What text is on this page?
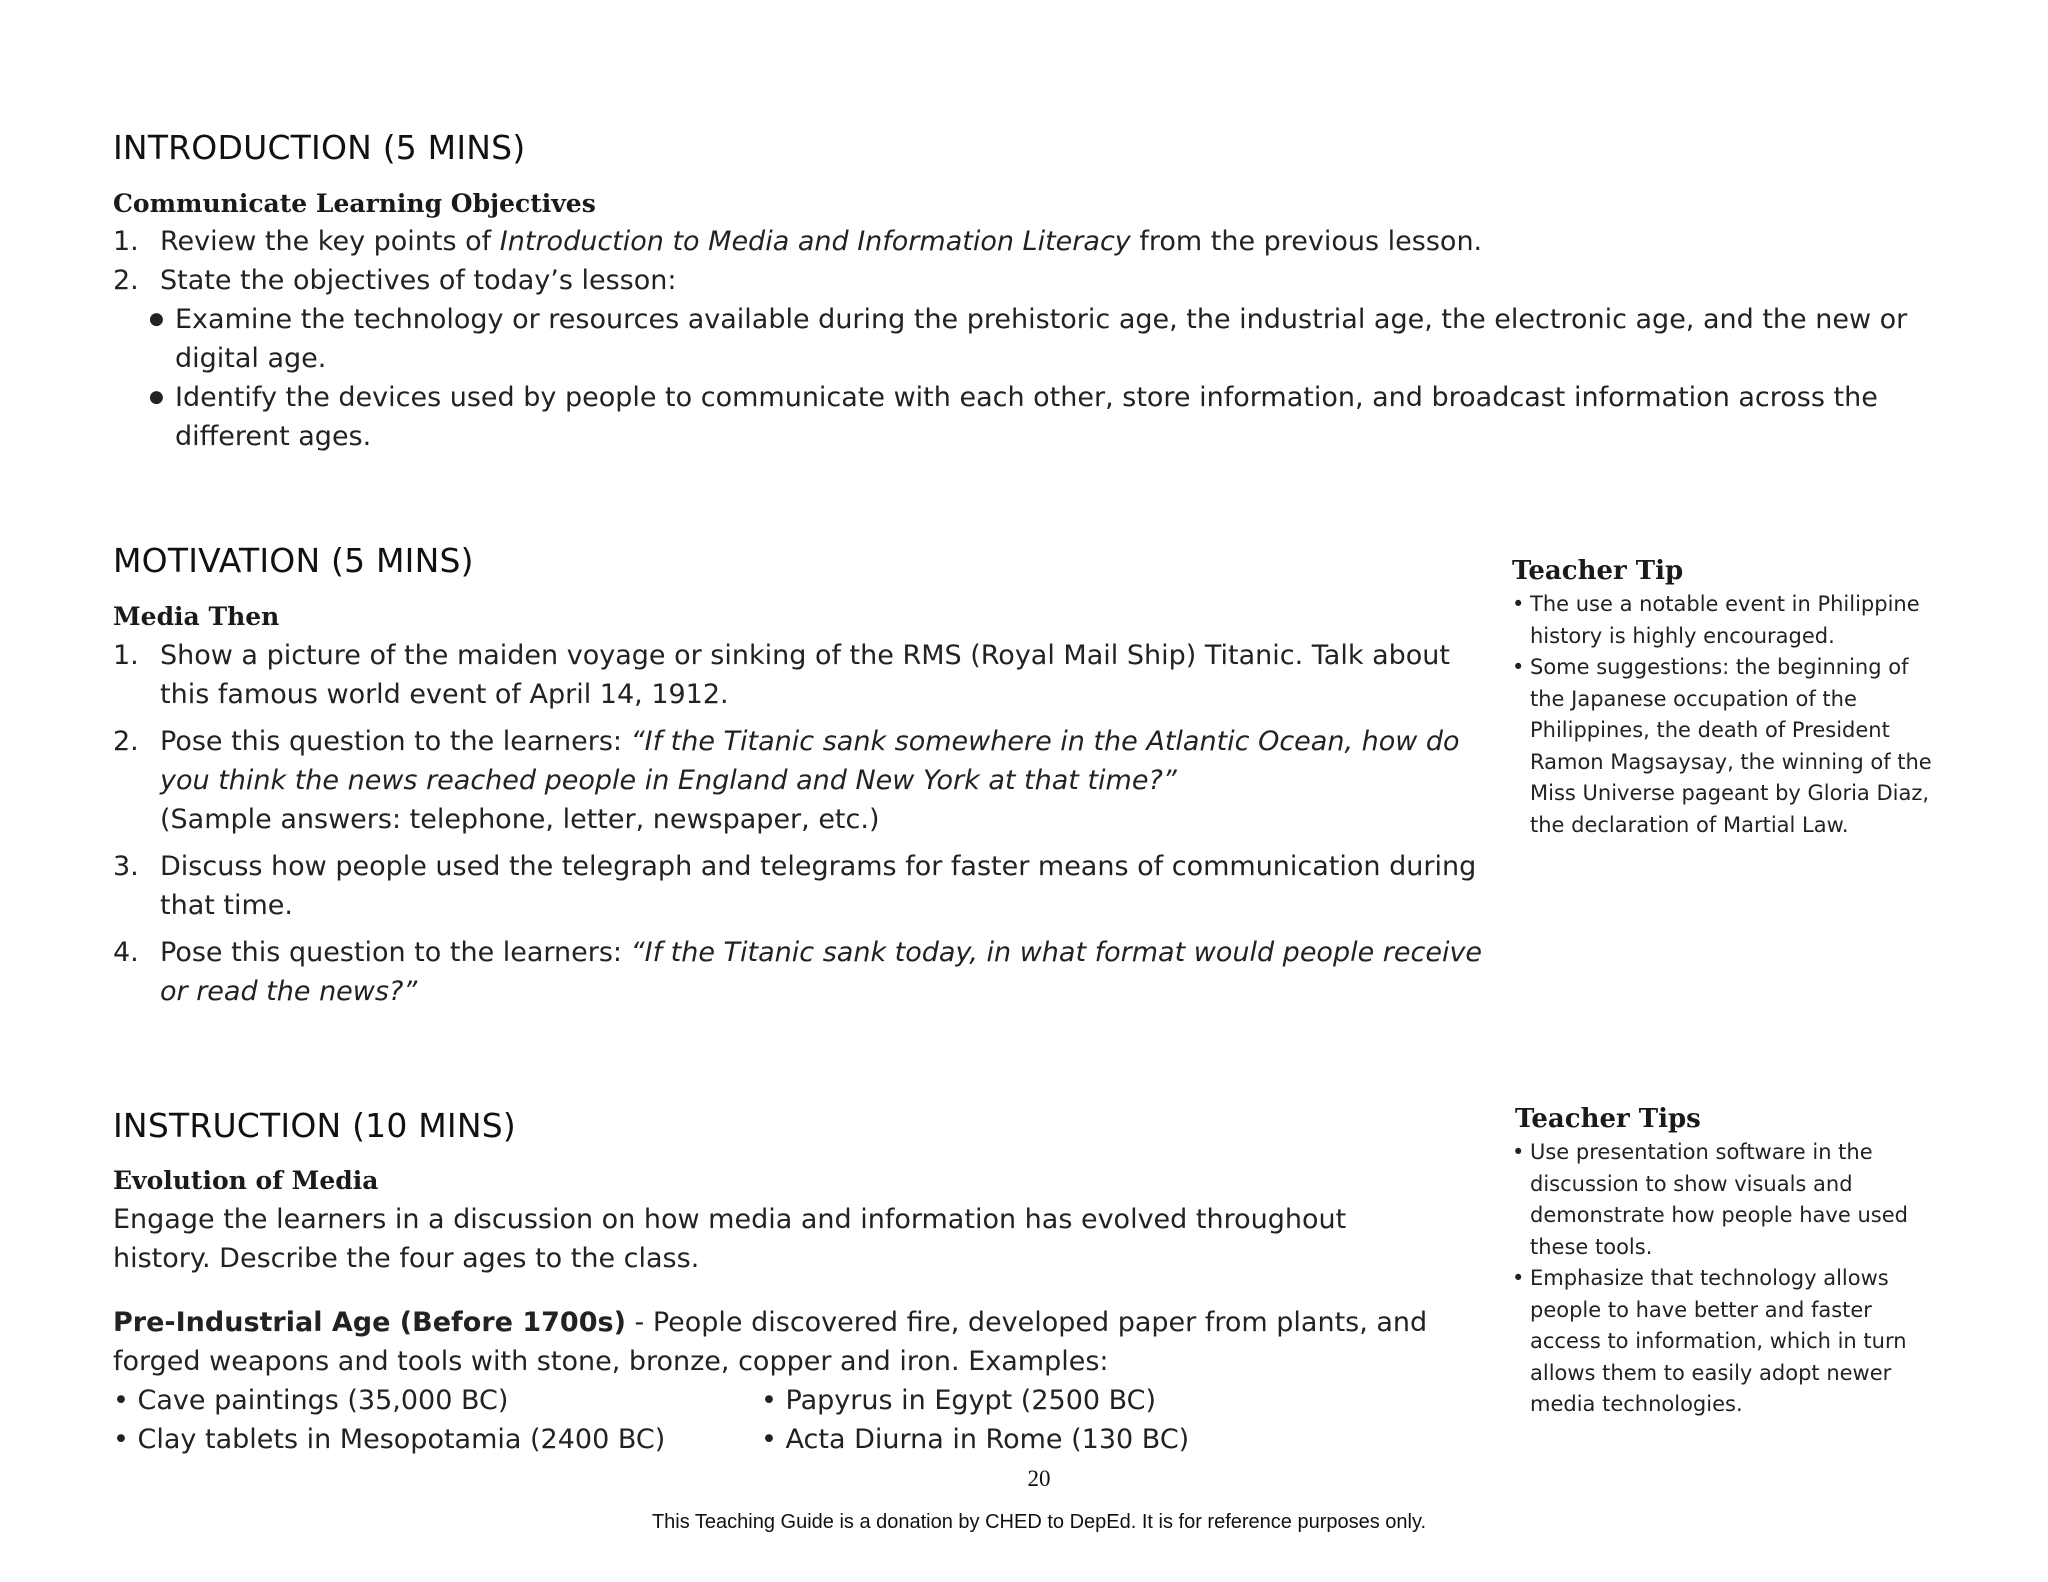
INTRODUCTION (5 MINS)
Communicate Learning Objectives
1. Review the key points of Introduction to Media and Information Literacy from the previous lesson.
2. State the objectives of today’s lesson:
● Examine the technology or resources available during the prehistoric age, the industrial age, the electronic age, and the new or digital age.
● Identify the devices used by people to communicate with each other, store information, and broadcast information across the different ages.
MOTIVATION (5 MINS)
Media Then
1. Show a picture of the maiden voyage or sinking of the RMS (Royal Mail Ship) Titanic. Talk about this famous world event of April 14, 1912.
2. Pose this question to the learners: “If the Titanic sank somewhere in the Atlantic Ocean, how do you think the news reached people in England and New York at that time?”
(Sample answers: telephone, letter, newspaper, etc.)
3. Discuss how people used the telegraph and telegrams for faster means of communication during that time.
4. Pose this question to the learners: “If the Titanic sank today, in what format would people receive or read the news?”
Teacher Tip
• The use a notable event in Philippine history is highly encouraged.
• Some suggestions: the beginning of the Japanese occupation of the Philippines, the death of President Ramon Magsaysay, the winning of the Miss Universe pageant by Gloria Diaz, the declaration of Martial Law.
INSTRUCTION (10 MINS)
Evolution of Media
Engage the learners in a discussion on how media and information has evolved throughout history. Describe the four ages to the class.
Pre-Industrial Age (Before 1700s) - People discovered fire, developed paper from plants, and forged weapons and tools with stone, bronze, copper and iron. Examples:
• Cave paintings (35,000 BC)
• Clay tablets in Mesopotamia (2400 BC)
• Papyrus in Egypt (2500 BC)
• Acta Diurna in Rome (130 BC)
Teacher Tips
• Use presentation software in the discussion to show visuals and demonstrate how people have used these tools.
• Emphasize that technology allows people to have better and faster access to information, which in turn allows them to easily adopt newer media technologies.
20
This Teaching Guide is a donation by CHED to DepEd. It is for reference purposes only.
